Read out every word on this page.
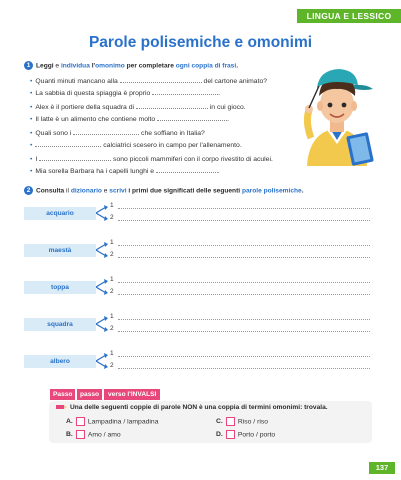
LINGUA E LESSICO
Parole polisemiche e omonimi
1 Leggi e individua l'omonimo per completare ogni coppia di frasi.
• Quanti minuti mancano alla	del cartone animato?
• La sabbia di questa spiaggia è proprio	.
• Alex è il portiere della squadra di	in cui gioco.
• Il latte è un alimento che contiene molto	.
• Quali sono i	che soffiano in Italia?
•	calciatrici scesero in campo per l'allenamento.
• I	sono piccoli mammiferi con il corpo rivestito di aculei.
• Mia sorella Barbara ha i capelli lunghi e	.
2 Consulta il dizionario e scrivi i primi due significati delle seguenti parole polisemiche.
acquario
1
2
maestà
1
2
toppa
1
2
squadra
1
2
albero
1
2
Passo	passo	verso l'INVALSI
Una delle seguenti coppie di parole NON è una coppia di termini omonimi: trovala.
A. Lampadina / lampadina
B. Amo / amo
C. Riso / riso
D. Porto / porto
137
